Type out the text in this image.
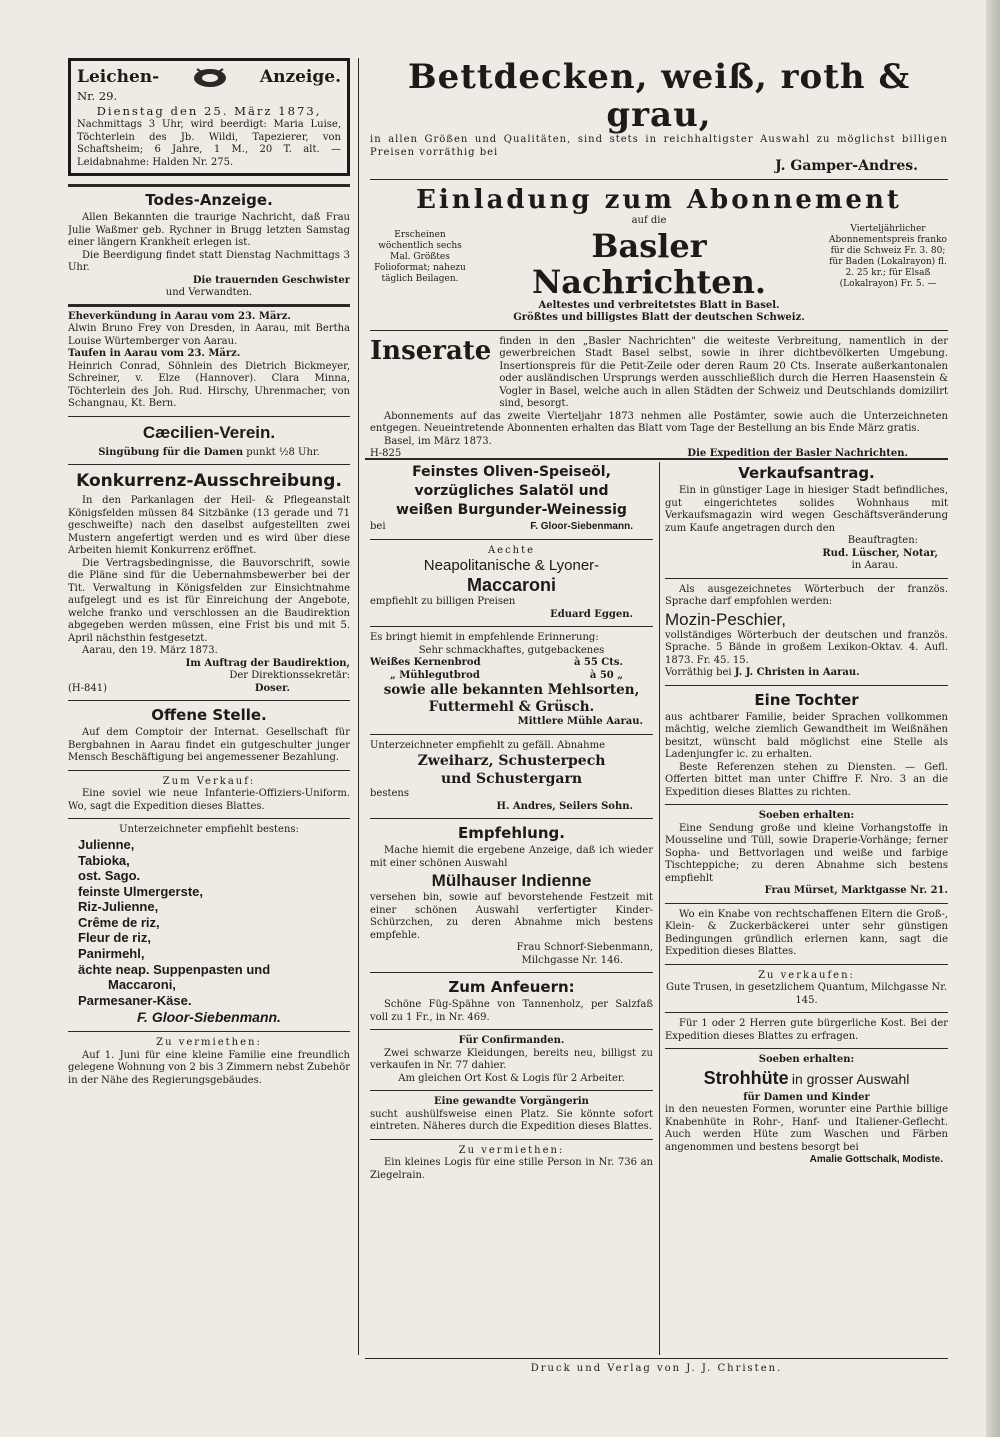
Leichen-	Anzeige.

Nr. 29.

Dienstag den 25. März 1873,

Nachmittags 3 Uhr, wird beerdigt: Maria Luise, Töchterlein des Jb. Wildi, Tapezierer, von Schaftsheim; 6 Jahre, 1 M., 20 T. alt. — Leidabnahme: Halden Nr. 275.

Todes-Anzeige.

Allen Bekannten die traurige Nachricht, daß Frau Julie Waßmer geb. Rychner in Brugg letzten Samstag einer längern Krankheit erlegen ist.

Die Beerdigung findet statt Dienstag Nachmittags 3 Uhr.

Die trauernden Geschwister

und Verwandten.

Eheverkündung in Aarau vom 23. März.

Alwin Bruno Frey von Dresden, in Aarau, mit Bertha Louise Würtemberger von Aarau.

Taufen in Aarau vom 23. März.

Heinrich Conrad, Söhnlein des Dietrich Bickmeyer, Schreiner, v. Elze (Hannover). Clara Minna, Töchterlein des Joh. Rud. Hirschy, Uhrenmacher, von Schangnau, Kt. Bern.

Cæcilien-Verein.

Singübung für die Damen punkt ½8 Uhr.

Konkurrenz-Ausschreibung.

In den Parkanlagen der Heil- & Pflegeanstalt Königsfelden müssen 84 Sitzbänke (13 gerade und 71 geschweifte) nach den daselbst aufgestellten zwei Mustern angefertigt werden und es wird über diese Arbeiten hiemit Konkurrenz eröffnet.

Die Vertragsbedingnisse, die Bauvorschrift, sowie die Pläne sind für die Uebernahmsbewerber bei der Tit. Verwaltung in Königsfelden zur Einsichtnahme aufgelegt und es ist für Einreichung der Angebote, welche franko und verschlossen an die Baudirektion abgegeben werden müssen, eine Frist bis und mit 5. April nächsthin festgesetzt.

Aarau, den 19. März 1873.

Im Auftrag der Baudirektion,

Der Direktionssekretär:

(H-841)	Doser.
Offene Stelle.

Auf dem Comptoir der Internat. Gesellschaft für Bergbahnen in Aarau findet ein gutgeschulter junger Mensch Beschäftigung bei angemessener Bezahlung.

Zum Verkauf:

Eine soviel wie neue Infanterie-Offiziers-Uniform. Wo, sagt die Expedition dieses Blattes.

Unterzeichneter empfiehlt bestens:

Julienne,
Tabioka,
ost. Sago.
feinste Ulmergerste,
Riz-Julienne,
Crême de riz,
Fleur de riz,
Panirmehl,
ächte neap. Suppenpasten und
Maccaroni,
Parmesaner-Käse.

F. Gloor-Siebenmann.

Zu vermiethen:

Auf 1. Juni für eine kleine Familie eine freundlich gelegene Wohnung von 2 bis 3 Zimmern nebst Zubehör in der Nähe des Regierungsgebäudes.

Bettdecken, weiß, roth & grau,

in allen Größen und Qualitäten, sind stets in reichhaltigster Auswahl zu möglichst billigen Preisen vorräthig bei

J. Gamper-Andres.

Einladung zum Abonnement

Erscheinen wöchentlich sechs Mal. Größtes Folioformat; nahezu täglich Beilagen.

auf die

Basler Nachrichten.

Vierteljährlicher Abonnementspreis franko für die Schweiz Fr. 3. 80; für Baden (Lokalrayon) fl. 2. 25 kr.; für Elsaß (Lokalrayon) Fr. 5. —

Aeltestes und verbreitetstes Blatt in Basel.

Größtes und billigstes Blatt der deutschen Schweiz.

Inserate finden in den „Basler Nachrichten" die weiteste Verbreitung, namentlich in der gewerbreichen Stadt Basel selbst, sowie in ihrer dichtbevölkerten Umgebung. Insertionspreis für die Petit-Zeile oder deren Raum 20 Cts. Inserate außerkantonalen oder ausländischen Ursprungs werden ausschließlich durch die Herren Haasenstein & Vogler in Basel, welche auch in allen Städten der Schweiz und Deutschlands domizilirt sind, besorgt.

Abonnements auf das zweite Vierteljahr 1873 nehmen alle Postämter, sowie auch die Unterzeichneten entgegen. Neueintretende Abonnenten erhalten das Blatt vom Tage der Bestellung an bis Ende März gratis.

Basel, im März 1873.

H-825	Die Expedition der Basler Nachrichten.
Feinstes Oliven-Speiseöl,
vorzügliches Salatöl und
weißen Burgunder-Weinessig
bei	F. Gloor-Siebenmann.

Aechte

Neapolitanische & Lyoner-
Maccaroni

empfiehlt zu billigen Preisen

Eduard Eggen.

Es bringt hiemit in empfehlende Erinnerung:

Sehr schmackhaftes, gutgebackenes

Weißes Kernenbrod	à 55 Cts.
„ Mühlegutbrod	à 50 „
sowie alle bekannten Mehlsorten,
Futtermehl & Grüsch.

Mittlere Mühle Aarau.

Unterzeichneter empfiehlt zu gefäll. Abnahme

Zweiharz, Schusterpech
und Schustergarn

bestens

H. Andres, Seilers Sohn.

Empfehlung.

Mache hiemit die ergebene Anzeige, daß ich wieder mit einer schönen Auswahl

Mülhauser Indienne

versehen bin, sowie auf bevorstehende Festzeit mit einer schönen Auswahl verfertigter Kinder-Schürzchen, zu deren Abnahme mich bestens empfehle.

Frau Schnorf-Siebenmann,

Milchgasse Nr. 146.

Zum Anfeuern:

Schöne Füg-Spähne von Tannenholz, per Salzfaß voll zu 1 Fr., in Nr. 469.

Für Confirmanden.

Zwei schwarze Kleidungen, bereits neu, billigst zu verkaufen in Nr. 77 dahier.

Am gleichen Ort Kost & Logis für 2 Arbeiter.

Eine gewandte Vorgängerin

sucht aushülfsweise einen Platz. Sie könnte sofort eintreten. Näheres durch die Expedition dieses Blattes.

Zu vermiethen:

Ein kleines Logis für eine stille Person in Nr. 736 an Ziegelrain.

Verkaufsantrag.

Ein in günstiger Lage in hiesiger Stadt befindliches, gut eingerichtetes solides Wohnhaus mit Verkaufsmagazin wird wegen Geschäftsveränderung zum Kaufe angetragen durch den

Beauftragten:

Rud. Lüscher, Notar,

in Aarau.

Als ausgezeichnetes Wörterbuch der französ. Sprache darf empfohlen werden:

Mozin-Peschier,

vollständiges Wörterbuch der deutschen und französ. Sprache. 5 Bände in großem Lexikon-Oktav. 4. Aufl. 1873. Fr. 45. 15.

Vorräthig bei J. J. Christen in Aarau.

Eine Tochter

aus achtbarer Familie, beider Sprachen vollkommen mächtig, welche ziemlich Gewandtheit im Weißnähen besitzt, wünscht bald möglichst eine Stelle als Ladenjungfer ic. zu erhalten.

Beste Referenzen stehen zu Diensten. — Gefl. Offerten bittet man unter Chiffre F. Nro. 3 an die Expedition dieses Blattes zu richten.

Soeben erhalten:

Eine Sendung große und kleine Vorhangstoffe in Mousseline und Tüll, sowie Draperie-Vorhänge; ferner Sopha- und Bettvorlagen und weiße und farbige Tischteppiche; zu deren Abnahme sich bestens empfiehlt

Frau Mürset, Marktgasse Nr. 21.

Wo ein Knabe von rechtschaffenen Eltern die Groß-, Klein- & Zuckerbäckerei unter sehr günstigen Bedingungen gründlich erlernen kann, sagt die Expedition dieses Blattes.

Zu verkaufen:

Gute Trusen, in gesetzlichem Quantum, Milchgasse Nr. 145.

Für 1 oder 2 Herren gute bürgerliche Kost. Bei der Expedition dieses Blattes zu erfragen.

Soeben erhalten:

Strohhüte in grosser Auswahl

für Damen und Kinder

in den neuesten Formen, worunter eine Parthie billige Knabenhüte in Rohr-, Hanf- und Italiener-Geflecht. Auch werden Hüte zum Waschen und Färben angenommen und bestens besorgt bei

Amalie Gottschalk, Modiste.

Druck und Verlag von J. J. Christen.
